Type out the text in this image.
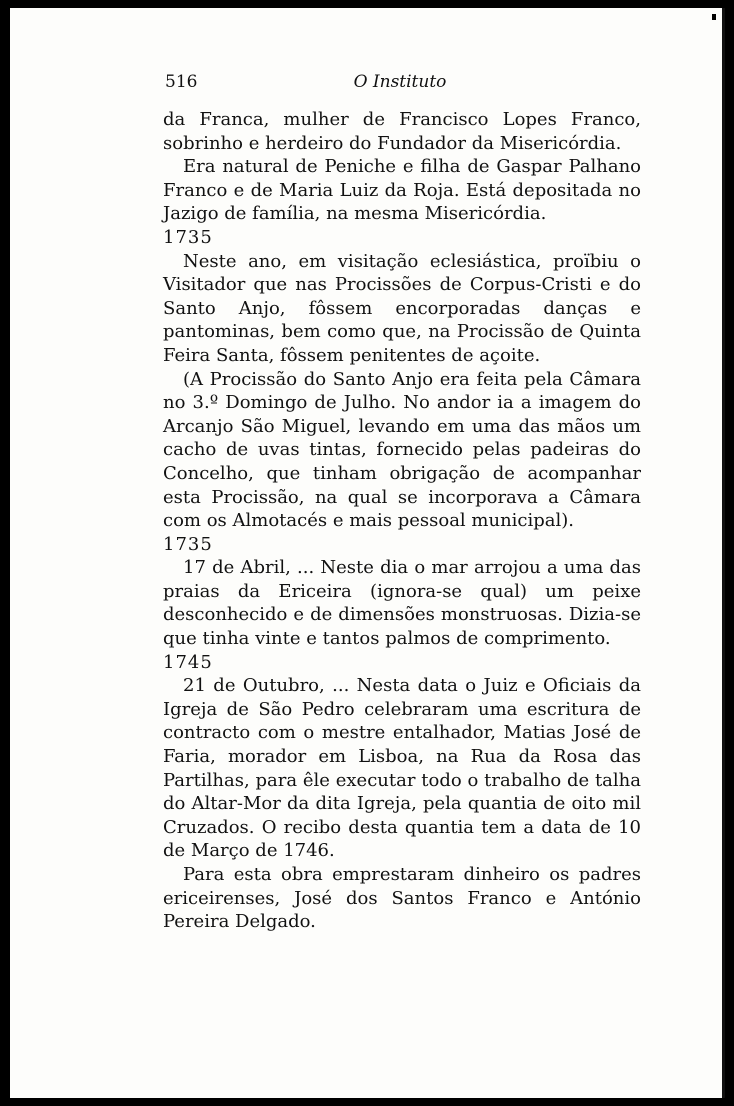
516	O Instituto

da Franca, mulher de Francisco Lopes Franco, sobrinho e herdeiro do Fundador da Misericórdia.

Era natural de Peniche e filha de Gaspar Palhano Franco e de Maria Luiz da Roja. Está depositada no Jazigo de família, na mesma Misericórdia.

1735

Neste ano, em visitação eclesiástica, proïbiu o Visitador que nas Procissões de Corpus-Cristi e do Santo Anjo, fôssem encorporadas danças e pantominas, bem como que, na Procissão de Quinta Feira Santa, fôssem penitentes de açoite.

(A Procissão do Santo Anjo era feita pela Câmara no 3.º Domingo de Julho. No andor ia a imagem do Arcanjo São Miguel, levando em uma das mãos um cacho de uvas tintas, fornecido pelas padeiras do Concelho, que tinham obrigação de acompanhar esta Procissão, na qual se incorporava a Câmara com os Almotacés e mais pessoal municipal).

1735

17 de Abril, ... Neste dia o mar arrojou a uma das praias da Ericeira (ignora-se qual) um peixe desconhecido e de dimensões monstruosas. Dizia-se que tinha vinte e tantos palmos de comprimento.

1745

21 de Outubro, ... Nesta data o Juiz e Oficiais da Igreja de São Pedro celebraram uma escritura de contracto com o mestre entalhador, Matias José de Faria, morador em Lisboa, na Rua da Rosa das Partilhas, para êle executar todo o trabalho de talha do Altar-Mor da dita Igreja, pela quantia de oito mil Cruzados. O recibo desta quantia tem a data de 10 de Março de 1746.

Para esta obra emprestaram dinheiro os padres ericeirenses, José dos Santos Franco e António Pereira Delgado.
